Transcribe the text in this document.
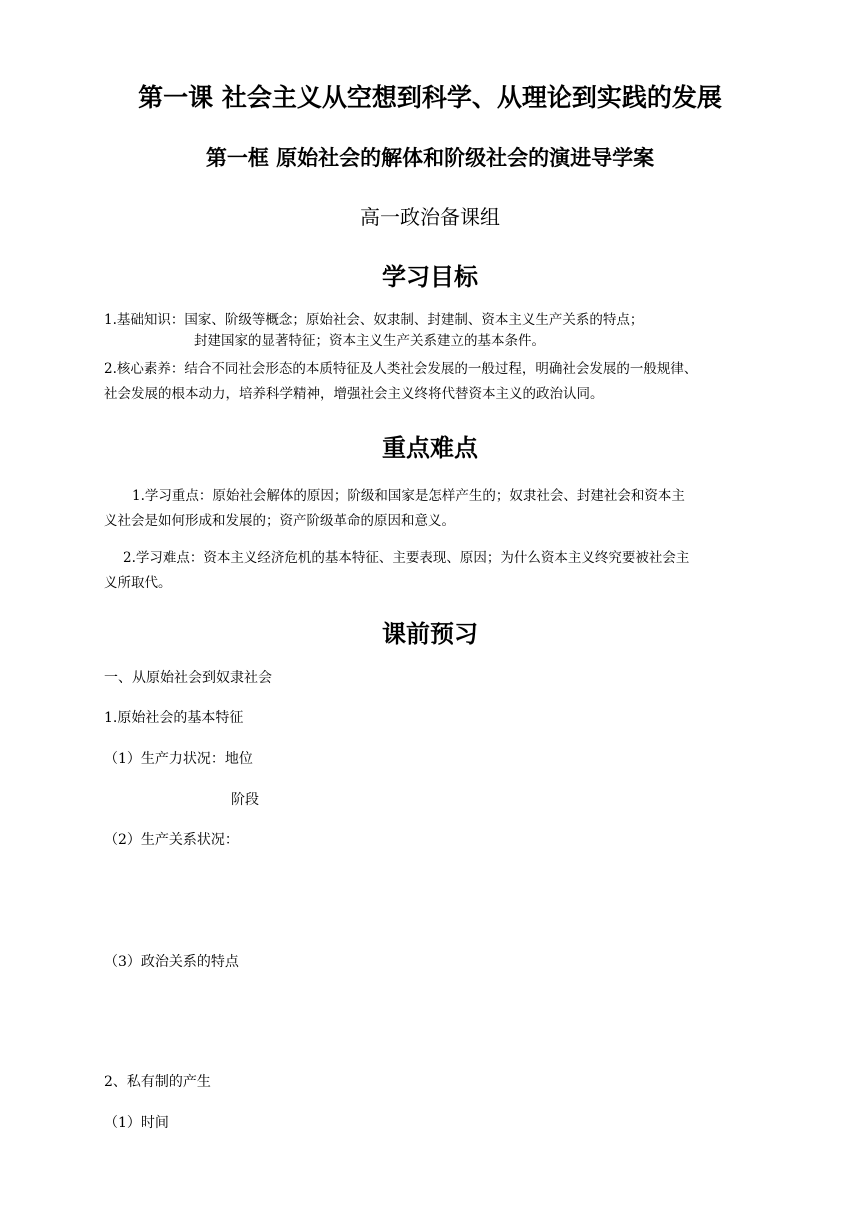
第一课 社会主义从空想到科学、从理论到实践的发展
第一框 原始社会的解体和阶级社会的演进导学案
高一政治备课组
学习目标
1.基础知识：国家、阶级等概念；原始社会、奴隶制、封建制、资本主义生产关系的特点；
封建国家的显著特征；资本主义生产关系建立的基本条件。
2.核心素养：结合不同社会形态的本质特征及人类社会发展的一般过程，明确社会发展的一般规律、
社会发展的根本动力，培养科学精神，增强社会主义终将代替资本主义的政治认同。
重点难点
1.学习重点：原始社会解体的原因；阶级和国家是怎样产生的；奴隶社会、封建社会和资本主
义社会是如何形成和发展的；资产阶级革命的原因和意义。
2.学习难点：资本主义经济危机的基本特征、主要表现、原因；为什么资本主义终究要被社会主
义所取代。
课前预习
一、从原始社会到奴隶社会
1.原始社会的基本特征
（1）生产力状况：地位
阶段
（2）生产关系状况：
（3）政治关系的特点
2、私有制的产生
（1）时间
